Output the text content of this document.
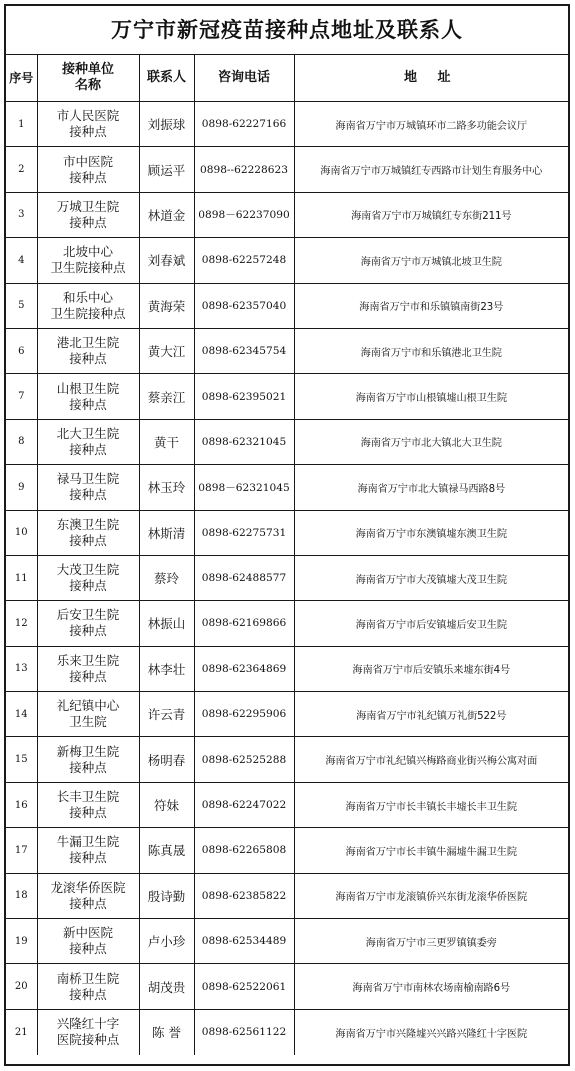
万宁市新冠疫苗接种点地址及联系人
序号	接种单位
名称	联系人	咨询电话	地 址
1	市人民医院
接种点	刘振球	0898-62227166	海南省万宁市万城镇环市二路多功能会议厅
2	市中医院
接种点	顾运平	0898--62228623	海南省万宁市万城镇红专西路市计划生育服务中心
3	万城卫生院
接种点	林道金	0898－62237090	海南省万宁市万城镇红专东街211号
4	北坡中心
卫生院接种点	刘春斌	0898-62257248	海南省万宁市万城镇北坡卫生院
5	和乐中心
卫生院接种点	黄海荣	0898-62357040	海南省万宁市和乐镇镇南街23号
6	港北卫生院
接种点	黄大江	0898-62345754	海南省万宁市和乐镇港北卫生院
7	山根卫生院
接种点	蔡亲江	0898-62395021	海南省万宁市山根镇墟山根卫生院
8	北大卫生院
接种点	黄干	0898-62321045	海南省万宁市北大镇北大卫生院
9	禄马卫生院
接种点	林玉玲	0898－62321045	海南省万宁市北大镇禄马西路8号
10	东澳卫生院
接种点	林斯清	0898-62275731	海南省万宁市东澳镇墟东澳卫生院
11	大茂卫生院
接种点	蔡玲	0898-62488577	海南省万宁市大茂镇墟大茂卫生院
12	后安卫生院
接种点	林振山	0898-62169866	海南省万宁市后安镇墟后安卫生院
13	乐来卫生院
接种点	林李壮	0898-62364869	海南省万宁市后安镇乐来墟东街4号
14	礼纪镇中心
卫生院	许云青	0898-62295906	海南省万宁市礼纪镇万礼街522号
15	新梅卫生院
接种点	杨明春	0898-62525288	海南省万宁市礼纪镇兴梅路商业街兴梅公寓对面
16	长丰卫生院
接种点	符妹	0898-62247022	海南省万宁市长丰镇长丰墟长丰卫生院
17	牛漏卫生院
接种点	陈真晟	0898-62265808	海南省万宁市长丰镇牛漏墟牛漏卫生院
18	龙滚华侨医院
接种点	殷诗勤	0898-62385822	海南省万宁市龙滚镇侨兴东街龙滚华侨医院
19	新中医院
接种点	卢小珍	0898-62534489	海南省万宁市三更罗镇镇委旁
20	南桥卫生院
接种点	胡茂贵	0898-62522061	海南省万宁市南林农场南榆南路6号
21	兴隆红十字
医院接种点	陈 誉	0898-62561122	海南省万宁市兴隆墟兴兴路兴隆红十字医院
